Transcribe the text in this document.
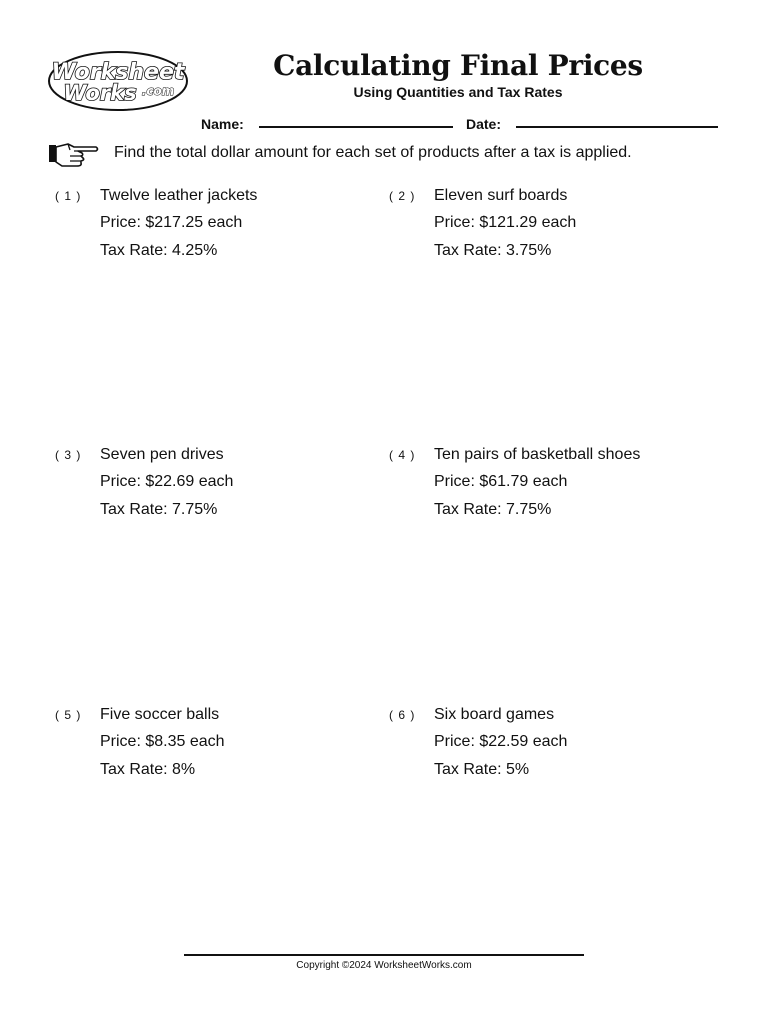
Worksheet
Works .com
Calculating Final Prices
Using Quantities and Tax Rates
Name:	Date:
Find the total dollar amount for each set of products after a tax is applied.
( 1 ) Twelve leather jackets
Price: $217.25 each
Tax Rate: 4.25%
( 2 ) Eleven surf boards
Price: $121.29 each
Tax Rate: 3.75%
( 3 ) Seven pen drives
Price: $22.69 each
Tax Rate: 7.75%
( 4 ) Ten pairs of basketball shoes
Price: $61.79 each
Tax Rate: 7.75%
( 5 ) Five soccer balls
Price: $8.35 each
Tax Rate: 8%
( 6 ) Six board games
Price: $22.59 each
Tax Rate: 5%
Copyright ©2024 WorksheetWorks.com
